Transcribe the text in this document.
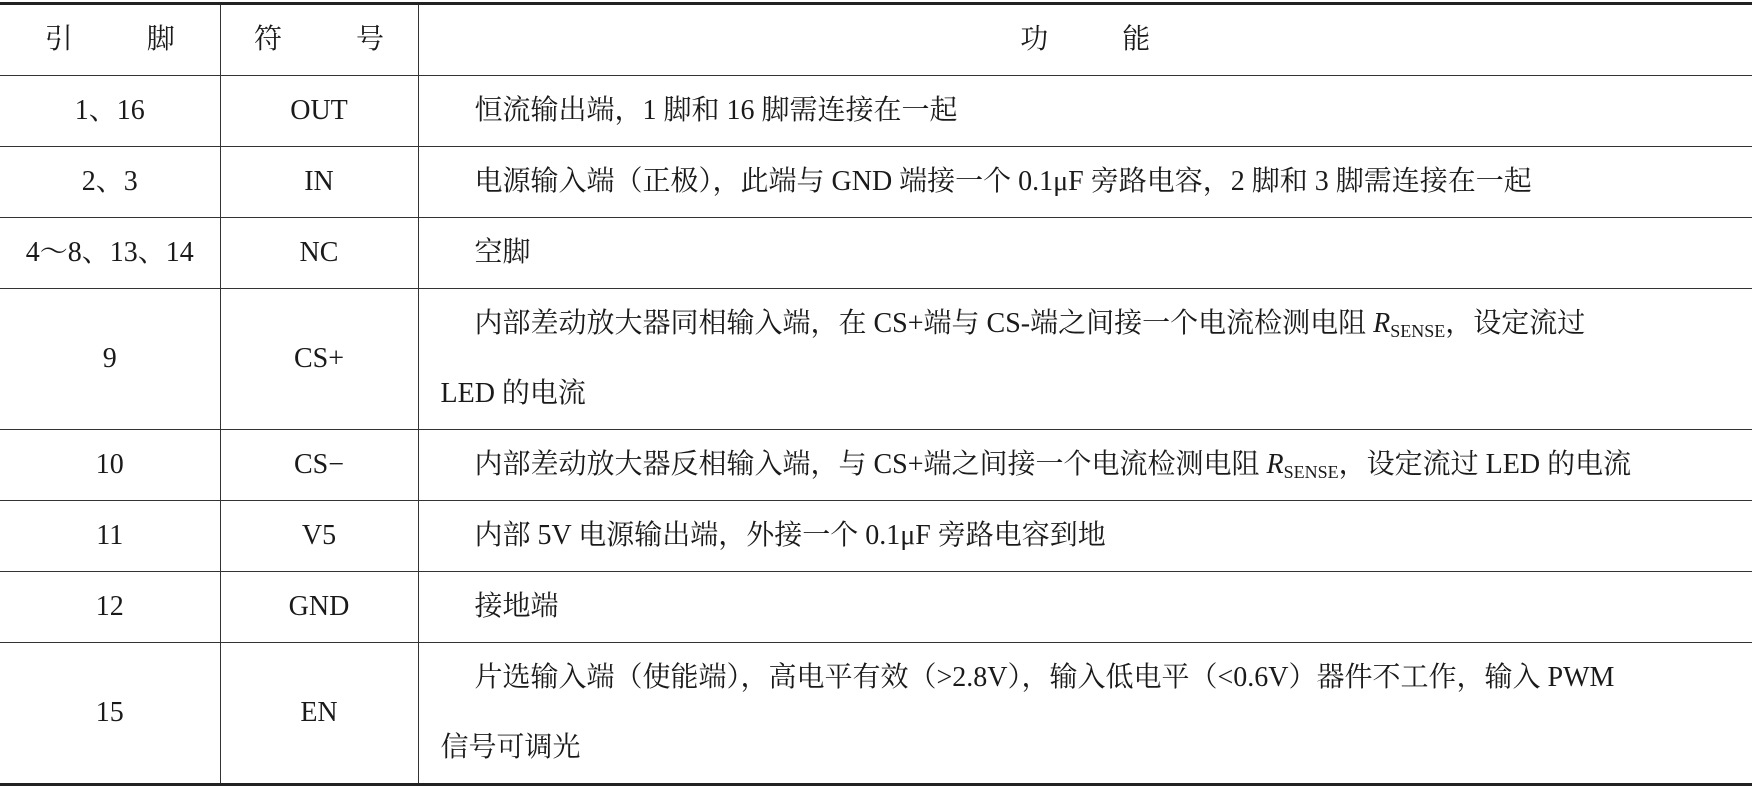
引 脚	符 号	功 能
1、16	OUT	恒流输出端，1 脚和 16 脚需连接在一起
2、3	IN	电源输入端（正极），此端与 GND 端接一个 0.1μF 旁路电容，2 脚和 3 脚需连接在一起
4～8、13、14	NC	空脚
9	CS+	内部差动放大器同相输入端，在 CS+端与 CS-端之间接一个电流检测电阻 $R_{SENSE}$，设定流过
LED 的电流

10	CS−	内部差动放大器反相输入端，与 CS+端之间接一个电流检测电阻 $R_{SENSE}$，设定流过 LED 的电流
11	V5	内部 5V 电源输出端，外接一个 0.1μF 旁路电容到地
12	GND	接地端
15	EN	片选输入端（使能端），高电平有效（>2.8V），输入低电平（<0.6V）器件不工作，输入 PWM
信号可调光
